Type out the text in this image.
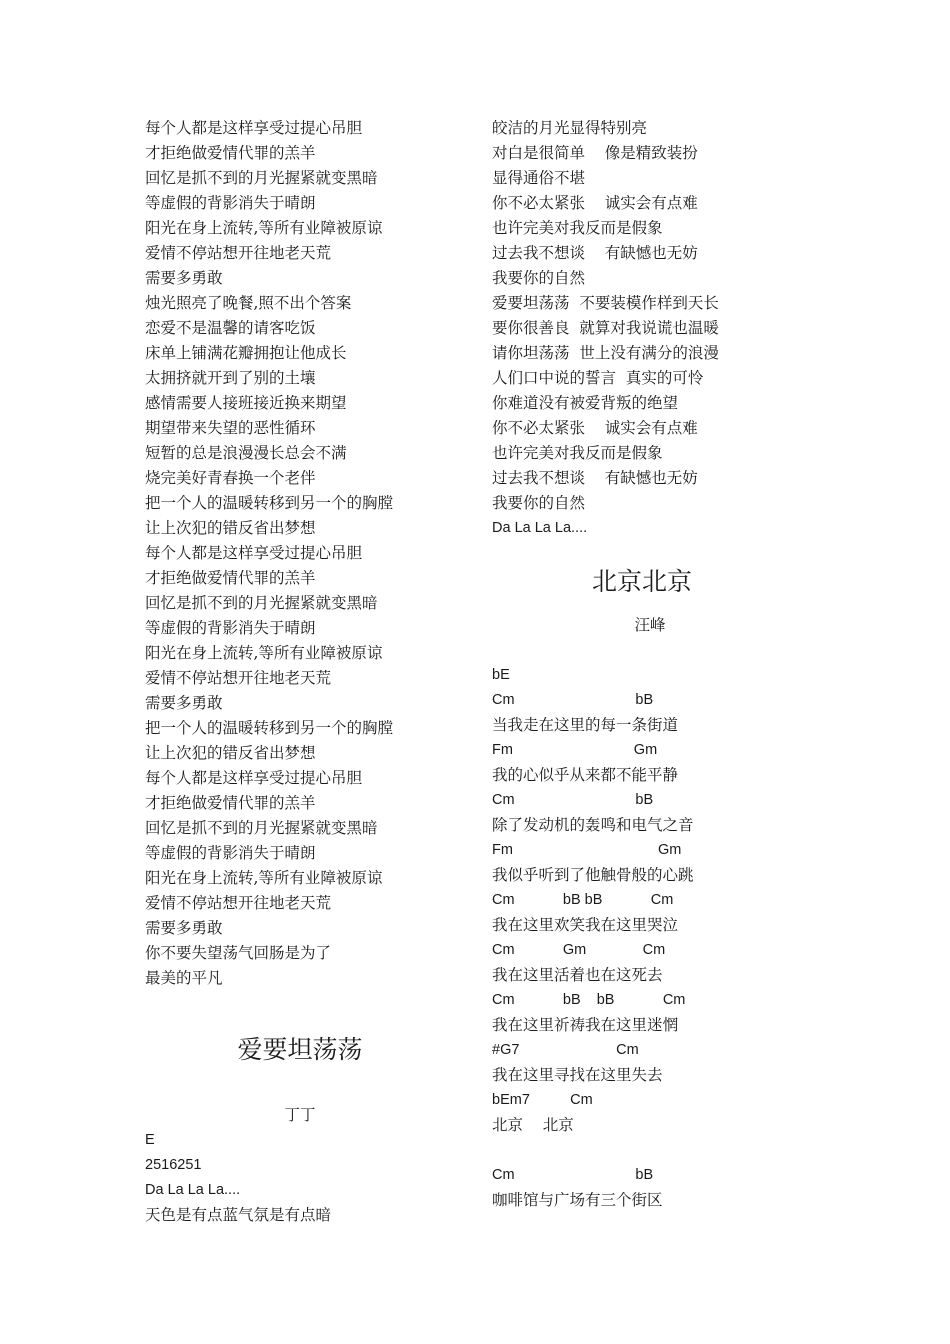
每个人都是这样享受过提心吊胆
才拒绝做爱情代罪的羔羊
回忆是抓不到的月光握紧就变黑暗
等虚假的背影消失于晴朗
阳光在身上流转,等所有业障被原谅
爱情不停站想开往地老天荒
需要多勇敢
烛光照亮了晚餐,照不出个答案
恋爱不是温馨的请客吃饭
床单上铺满花瓣拥抱让他成长
太拥挤就开到了别的土壤
感情需要人接班接近换来期望
期望带来失望的恶性循环
短暂的总是浪漫漫长总会不满
烧完美好青春换一个老伴
把一个人的温暖转移到另一个的胸膛
让上次犯的错反省出梦想
每个人都是这样享受过提心吊胆
才拒绝做爱情代罪的羔羊
回忆是抓不到的月光握紧就变黑暗
等虚假的背影消失于晴朗
阳光在身上流转,等所有业障被原谅
爱情不停站想开往地老天荒
需要多勇敢
把一个人的温暖转移到另一个的胸膛
让上次犯的错反省出梦想
每个人都是这样享受过提心吊胆
才拒绝做爱情代罪的羔羊
回忆是抓不到的月光握紧就变黑暗
等虚假的背影消失于晴朗
阳光在身上流转,等所有业障被原谅
爱情不停站想开往地老天荒
需要多勇敢
你不要失望荡气回肠是为了
最美的平凡
爱要坦荡荡
丁丁
E
2516251
Da La La La....
天色是有点蓝气氛是有点暗
皎洁的月光显得特别亮
对白是很简单    像是精致装扮
显得通俗不堪
你不必太紧张    诚实会有点难
也许完美对我反而是假象
过去我不想谈    有缺憾也无妨
我要你的自然
爱要坦荡荡  不要装模作样到天长
要你很善良  就算对我说谎也温暖
请你坦荡荡  世上没有满分的浪漫
人们口中说的誓言  真实的可怜
你难道没有被爱背叛的绝望
你不必太紧张    诚实会有点难
也许完美对我反而是假象
过去我不想谈    有缺憾也无妨
我要你的自然
Da La La La....
北京北京
汪峰
bE
Cm                              bB
当我走在这里的每一条街道
Fm                              Gm
我的心似乎从来都不能平静
Cm                              bB
除了发动机的轰鸣和电气之音
Fm                                    Gm
我似乎听到了他触骨般的心跳
Cm            bB bB            Cm
我在这里欢笑我在这里哭泣
Cm            Gm              Cm
我在这里活着也在这死去
Cm            bB    bB            Cm
我在这里祈祷我在这里迷惘
#G7                        Cm
我在这里寻找在这里失去
bEm7          Cm
北京    北京
Cm                              bB
咖啡馆与广场有三个街区
